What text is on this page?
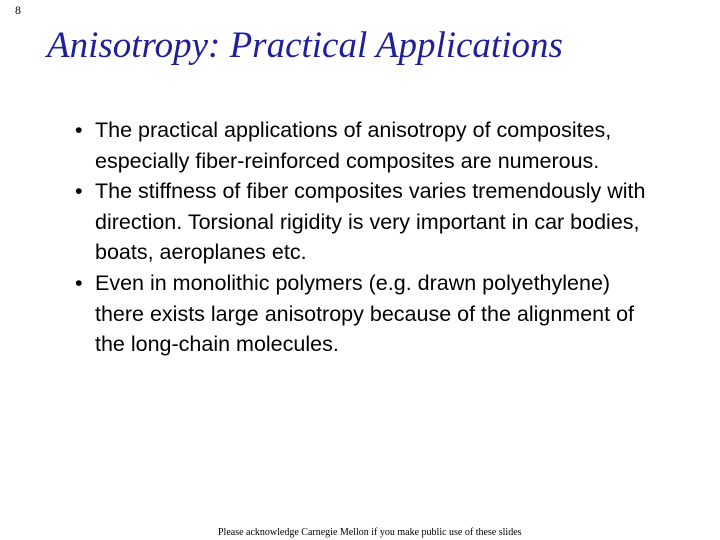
8
Anisotropy: Practical Applications
• The practical applications of anisotropy of composites, especially fiber-reinforced composites are numerous.
• The stiffness of fiber composites varies tremendously with direction. Torsional rigidity is very important in car bodies, boats, aeroplanes etc.
• Even in monolithic polymers (e.g. drawn polyethylene) there exists large anisotropy because of the alignment of the long-chain molecules.
Please acknowledge Carnegie Mellon if you make public use of these slides
